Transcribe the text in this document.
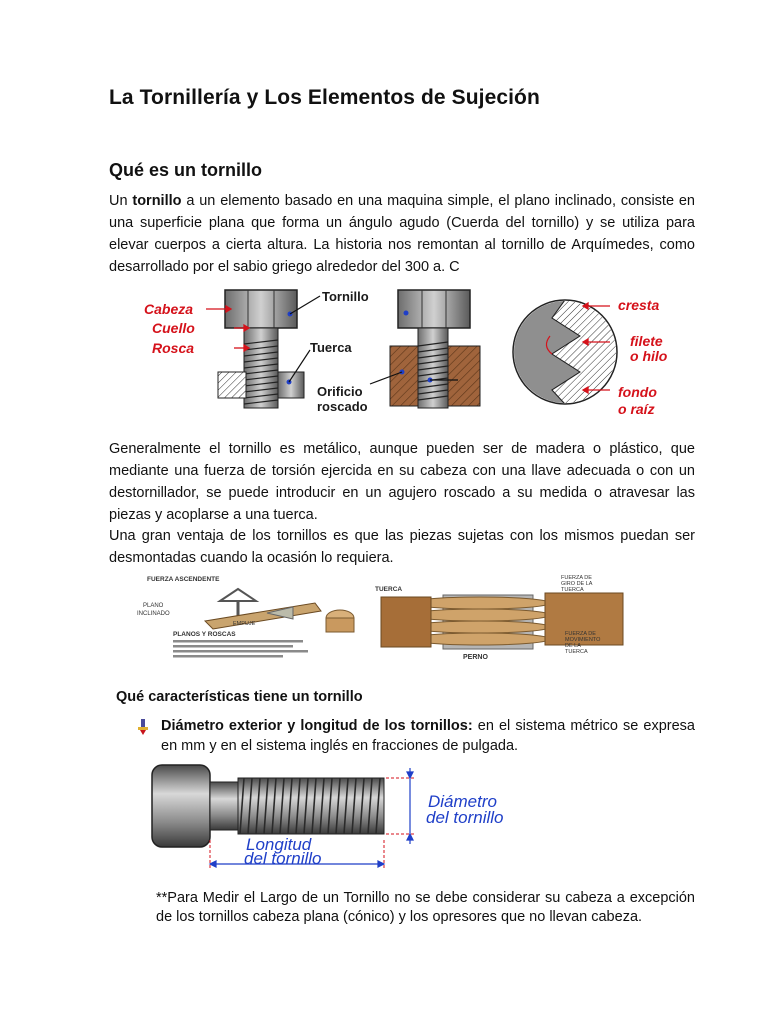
La Tornillería y Los Elementos de Sujeción
Qué es un tornillo
Un tornillo a un elemento basado en una maquina simple, el plano inclinado, consiste en una superficie plana que forma un ángulo agudo (Cuerda del tornillo) y se utiliza para elevar cuerpos a cierta altura. La historia nos remontan al tornillo de Arquímedes, como desarrollado por el sabio griego alrededor del 300 a. C
Cabeza
Cuello
Rosca
Tornillo
Tuerca
Orificio
roscado
cresta
filete
o hilo
fondo
o raíz
Generalmente el tornillo es metálico, aunque pueden ser de madera o plástico, que mediante una fuerza de torsión ejercida en su cabeza con una llave adecuada o con un destornillador, se puede introducir en un agujero roscado a su medida o atravesar las piezas y acoplarse a una tuerca.
Una gran ventaja de los tornillos es que las piezas sujetas con los mismos puedan ser desmontadas cuando la ocasión lo requiera.
FUERZA ASCENDENTE
PLANO
INCLINADO
EMPUJE
PLANOS Y ROSCAS
TUERCA
PERNO
FUERZA DE
GIRO DE LA
TUERCA
FUERZA DE
MOVIMIENTO
DE LA
TUERCA
Qué características tiene un tornillo
Diámetro exterior y longitud de los tornillos: en el sistema métrico se expresa en mm y en el sistema inglés en fracciones de pulgada.
Diámetro
del tornillo
Longitud
del tornillo
**Para Medir el Largo de un Tornillo no se debe considerar su cabeza a excepción de los tornillos cabeza plana (cónico) y los opresores que no llevan cabeza.
